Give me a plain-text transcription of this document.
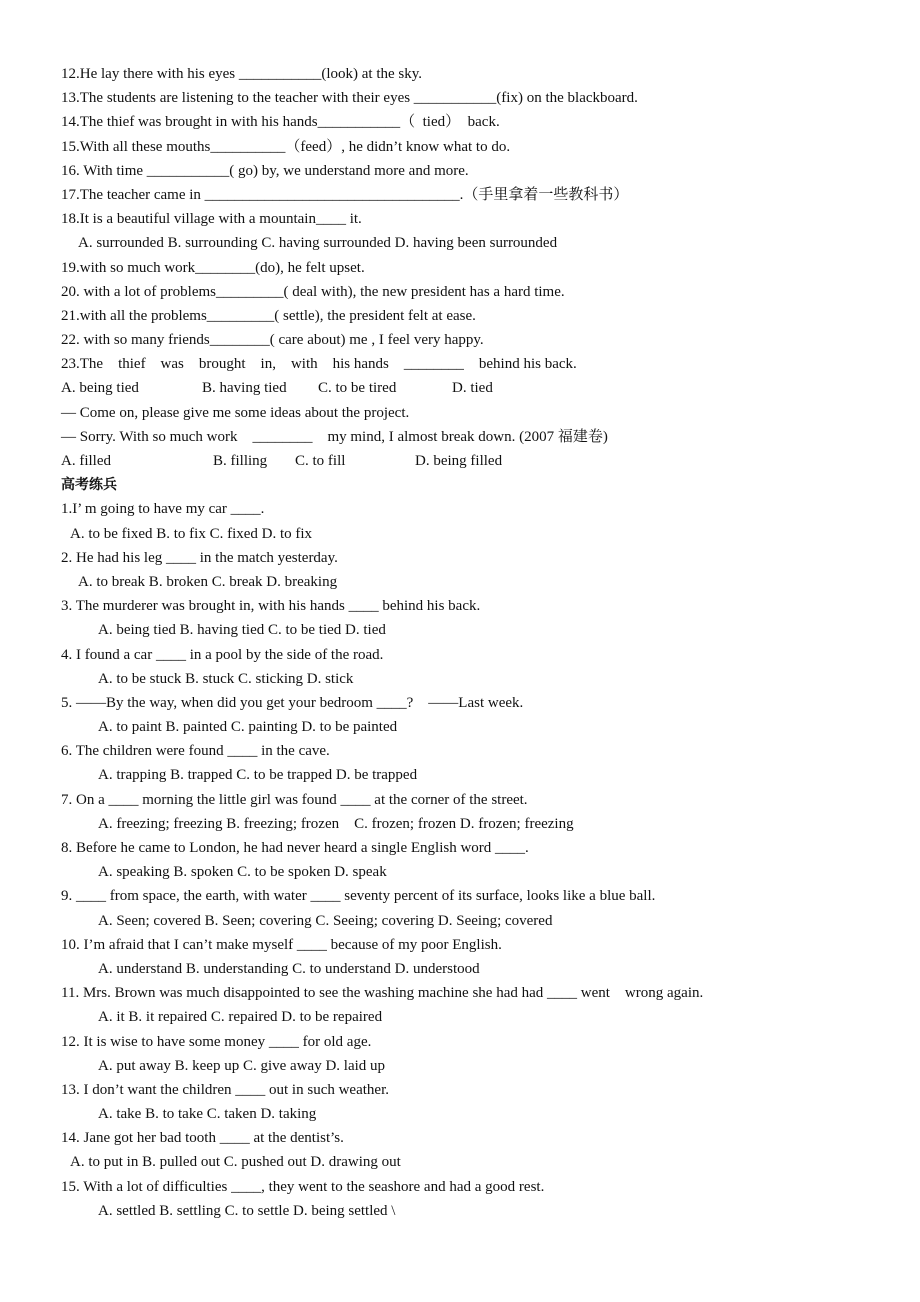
12.He lay there with his eyes ___________(look) at the sky.
13.The students are listening to the teacher with their eyes ___________(fix) on the blackboard.
14.The thief was brought in with his hands___________（  tied）  back.
15.With all these mouths__________（feed）, he didn’t know what to do.
16. With time ___________( go) by, we understand more and more.
17.The teacher came in __________________________________.（手里拿着一些教科书）
18.It is a beautiful village with a mountain____ it.
A. surrounded B. surrounding C. having surrounded D. having been surrounded
19.with so much work________(do), he felt upset.
20. with a lot of problems_________( deal with), the new president has a hard time.
21.with all the problems_________( settle), the president felt at ease.
22. with so many friends________( care about) me , I feel very happy.
23.The    thief    was    brought    in,    with    his hands    ________    behind his back.

A. being tied

	B. having tied

C. to be tired

	D. tied

— Come on, please give me some ideas about the project.
— Sorry. With so much work    ________    my mind, I almost break down. (2007 福建卷)

A. filled

	B. filling

C. to fill

	D. being filled

高考练兵
1.I’ m going to have my car ____.
A. to be fixed B. to fix C. fixed D. to fix
2. He had his leg ____ in the match yesterday.
A. to break B. broken C. break D. breaking
3. The murderer was brought in, with his hands ____ behind his back.
A. being tied B. having tied C. to be tied D. tied
4. I found a car ____ in a pool by the side of the road.
A. to be stuck B. stuck C. sticking D. stick
5. ——By the way, when did you get your bedroom ____?    ——Last week.
A. to paint B. painted C. painting D. to be painted
6. The children were found ____ in the cave.
A. trapping B. trapped C. to be trapped D. be trapped
7. On a ____ morning the little girl was found ____ at the corner of the street.
A. freezing; freezing B. freezing; frozen    C. frozen; frozen D. frozen; freezing
8. Before he came to London, he had never heard a single English word ____.
A. speaking B. spoken C. to be spoken D. speak
9. ____ from space, the earth, with water ____ seventy percent of its surface, looks like a blue ball.
A. Seen; covered B. Seen; covering C. Seeing; covering D. Seeing; covered
10. I’m afraid that I can’t make myself ____ because of my poor English.
A. understand B. understanding C. to understand D. understood
11. Mrs. Brown was much disappointed to see the washing machine she had had ____ went    wrong again.
A. it B. it repaired C. repaired D. to be repaired
12. It is wise to have some money ____ for old age.
A. put away B. keep up C. give away D. laid up
13. I don’t want the children ____ out in such weather.
A. take B. to take C. taken D. taking
14. Jane got her bad tooth ____ at the dentist’s.
A. to put in B. pulled out C. pushed out D. drawing out
15. With a lot of difficulties ____, they went to the seashore and had a good rest.
A. settled B. settling C. to settle D. being settled \
